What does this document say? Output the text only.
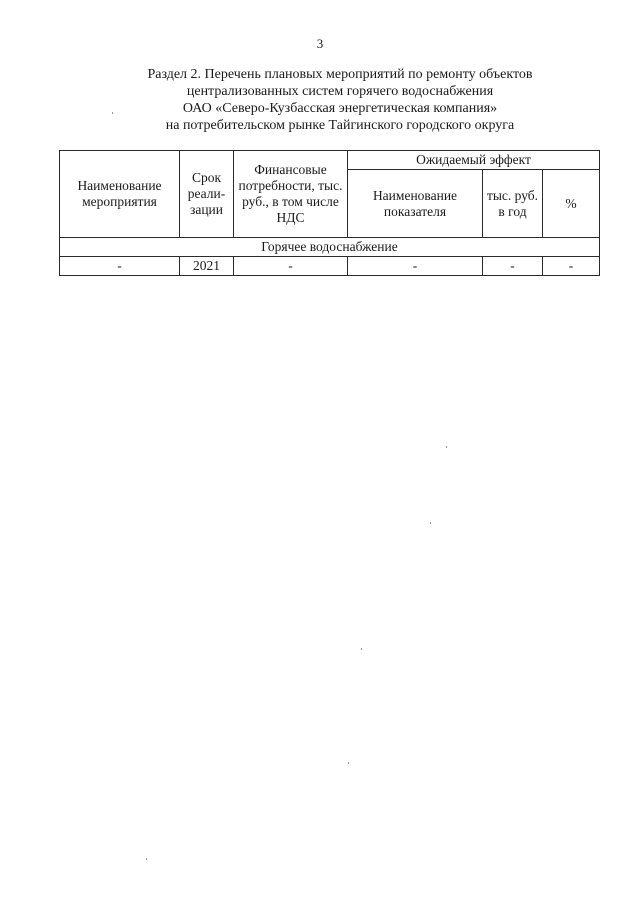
3
Раздел 2. Перечень плановых мероприятий по ремонту объектов
централизованных систем горячего водоснабжения
ОАО «Северо-Кузбасская энергетическая компания»
на потребительском рынке Тайгинского городского округа
Наименование мероприятия	Срок реали- зации	Финансовые потребности, тыс. руб., в том числе НДС	Ожидаемый эффект		
			Наименование показателя	тыс. руб. в год	%
Горячее водоснабжение					
-	2021	-	-	-	-
